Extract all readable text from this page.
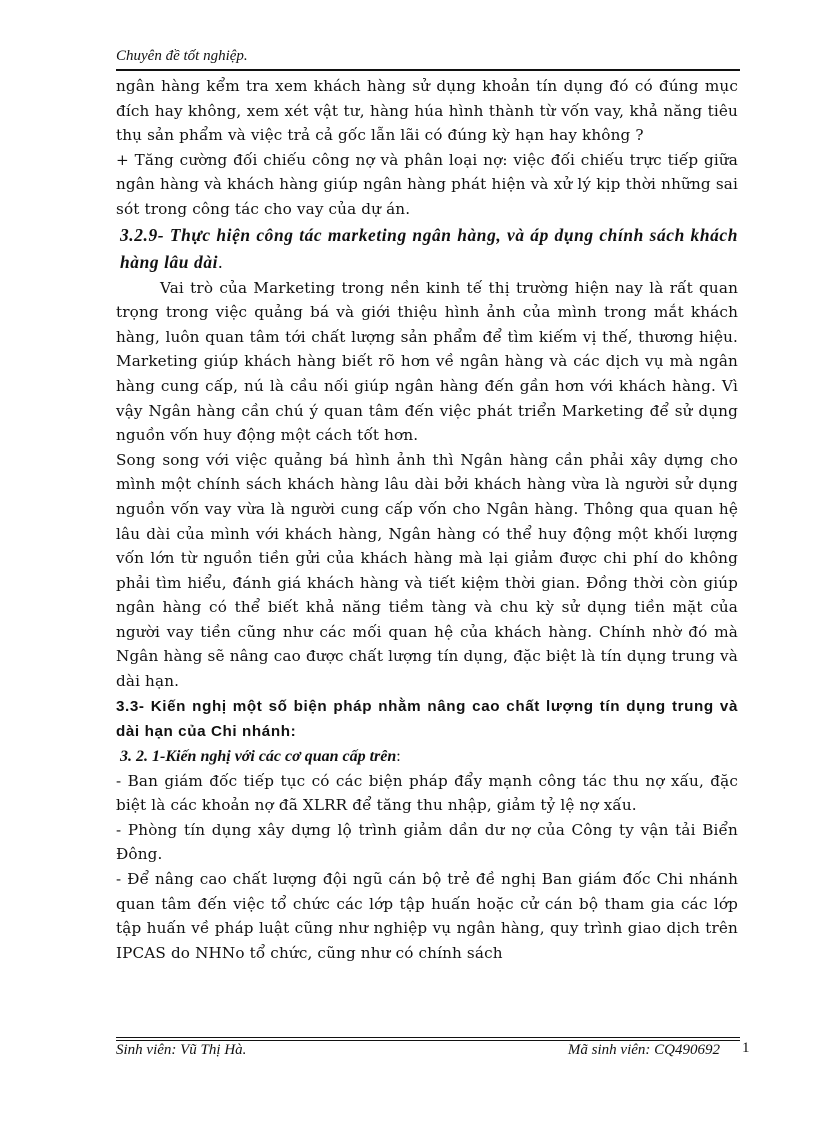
Chuyên đề tốt nghiệp.

ngân hàng kểm tra xem khách hàng sử dụng khoản tín dụng đó có đúng mục đích hay không, xem xét vật tư, hàng húa hình thành từ vốn vay, khả năng tiêu thụ sản phẩm và việc trả cả gốc lẫn lãi có đúng kỳ hạn hay không ?

+ Tăng cường đối chiếu công nợ và phân loại nợ: việc đối chiếu trực tiếp giữa ngân hàng và khách hàng giúp ngân hàng phát hiện và xử lý kịp thời những sai sót trong công tác cho vay của dự án.

3.2.9- Thực hiện công tác marketing ngân hàng, và áp dụng chính sách khách hàng lâu dài.

Vai trò của Marketing trong nền kinh tế thị trường hiện nay là rất quan trọng trong việc quảng bá và giới thiệu hình ảnh của mình trong mắt khách hàng, luôn quan tâm tới chất lượng sản phẩm để tìm kiếm vị thế, thương hiệu. Marketing giúp khách hàng biết rõ hơn về ngân hàng và các dịch vụ mà ngân hàng cung cấp, nú là cầu nối giúp ngân hàng đến gần hơn với khách hàng. Vì vậy Ngân hàng cần chú ý quan tâm đến việc phát triển Marketing để sử dụng nguồn vốn huy động một cách tốt hơn.

Song song với việc quảng bá hình ảnh thì Ngân hàng cần phải xây dựng cho mình một chính sách khách hàng lâu dài bởi khách hàng vừa là người sử dụng nguồn vốn vay vừa là người cung cấp vốn cho Ngân hàng. Thông qua quan hệ lâu dài của mình với khách hàng, Ngân hàng có thể huy động một khối lượng vốn lớn từ nguồn tiền gửi của khách hàng mà lại giảm được chi phí do không phải tìm hiểu, đánh giá khách hàng và tiết kiệm thời gian. Đồng thời còn giúp ngân hàng có thể biết khả năng tiềm tàng và chu kỳ sử dụng tiền mặt của người vay tiền cũng như các mối quan hệ của khách hàng. Chính nhờ đó mà Ngân hàng sẽ nâng cao được chất lượng tín dụng, đặc biệt là tín dụng trung và dài hạn.

3.3- Kiến nghị một số biện pháp nhằm nâng cao chất lượng tín dụng trung và dài hạn của Chi nhánh:

3. 2. 1-Kiến nghị với các cơ quan cấp trên:

- Ban giám đốc tiếp tục có các biện pháp đẩy mạnh công tác thu nợ xấu, đặc biệt là các khoản nợ đã XLRR để tăng thu nhập, giảm tỷ lệ nợ xấu.

- Phòng tín dụng xây dựng lộ trình giảm dần dư nợ của Công ty vận tải Biển Đông.

- Để nâng cao chất lượng đội ngũ cán bộ trẻ đề nghị Ban giám đốc Chi nhánh quan tâm đến việc tổ chức các lớp tập huấn hoặc cử cán bộ tham gia các lớp tập huấn về pháp luật cũng như nghiệp vụ ngân hàng, quy trình giao dịch trên IPCAS do NHNo tổ chức, cũng như có chính sách

Sinh viên: Vũ Thị Hà.	Mã sinh viên: CQ490692 1
